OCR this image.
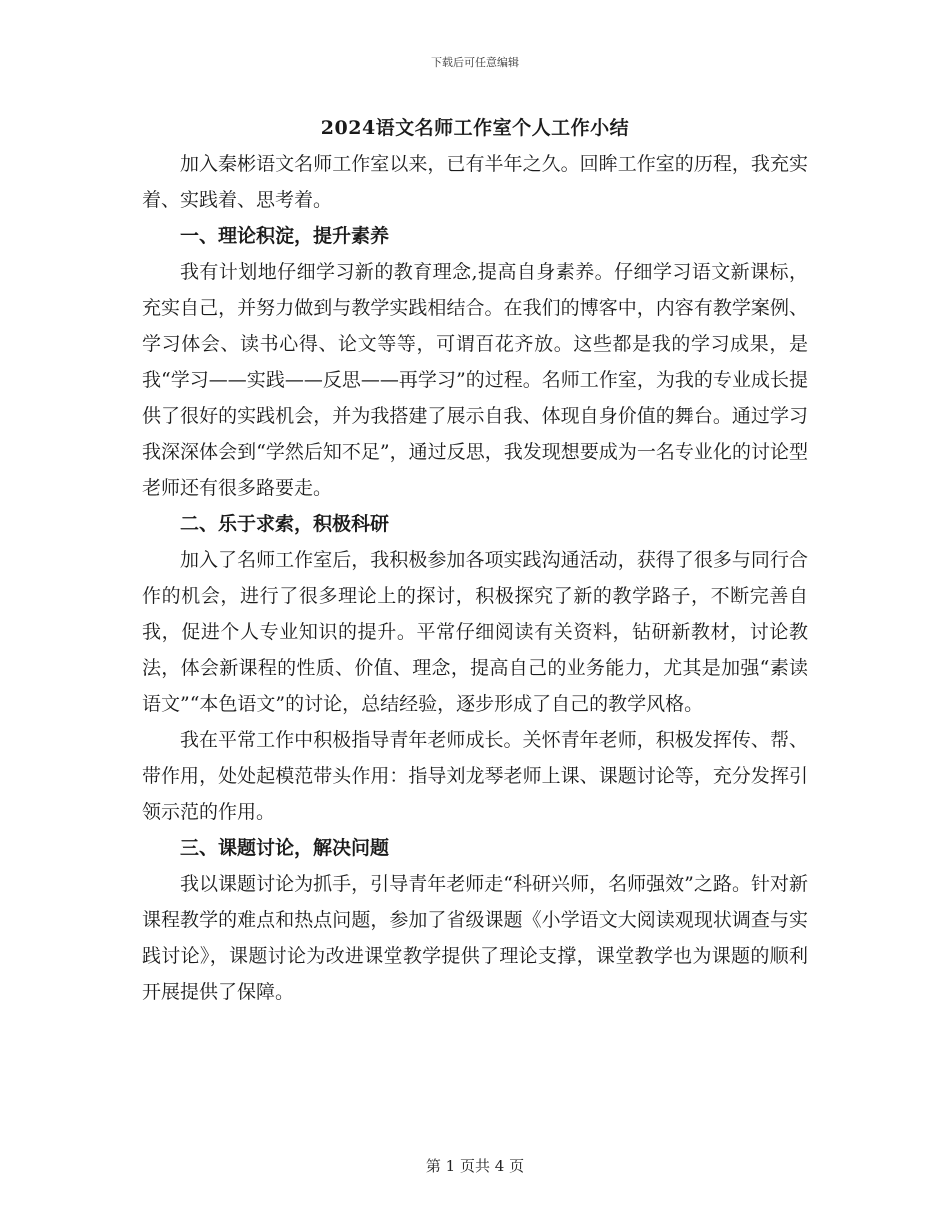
下载后可任意编辑
2024语文名师工作室个人工作小结

加入秦彬语文名师工作室以来，已有半年之久。回眸工作室的历程，我充实着、实践着、思考着。

一、理论积淀，提升素养

我有计划地仔细学习新的教育理念,提高自身素养。仔细学习语文新课标，充实自己，并努力做到与教学实践相结合。在我们的博客中，内容有教学案例、学习体会、读书心得、论文等等，可谓百花齐放。这些都是我的学习成果，是我“学习——实践——反思——再学习”的过程。名师工作室，为我的专业成长提供了很好的实践机会，并为我搭建了展示自我、体现自身价值的舞台。通过学习我深深体会到“学然后知不足”，通过反思，我发现想要成为一名专业化的讨论型老师还有很多路要走。

二、乐于求索，积极科研

加入了名师工作室后，我积极参加各项实践沟通活动，获得了很多与同行合作的机会，进行了很多理论上的探讨，积极探究了新的教学路子，不断完善自我，促进个人专业知识的提升。平常仔细阅读有关资料，钻研新教材，讨论教法，体会新课程的性质、价值、理念，提高自己的业务能力，尤其是加强“素读语文”“本色语文”的讨论，总结经验，逐步形成了自己的教学风格。

我在平常工作中积极指导青年老师成长。关怀青年老师，积极发挥传、帮、带作用，处处起模范带头作用：指导刘龙琴老师上课、课题讨论等，充分发挥引领示范的作用。

三、课题讨论，解决问题

我以课题讨论为抓手，引导青年老师走“科研兴师，名师强效”之路。针对新课程教学的难点和热点问题，参加了省级课题《小学语文大阅读观现状调查与实践讨论》，课题讨论为改进课堂教学提供了理论支撑，课堂教学也为课题的顺利开展提供了保障。

第 1 页共 4 页
